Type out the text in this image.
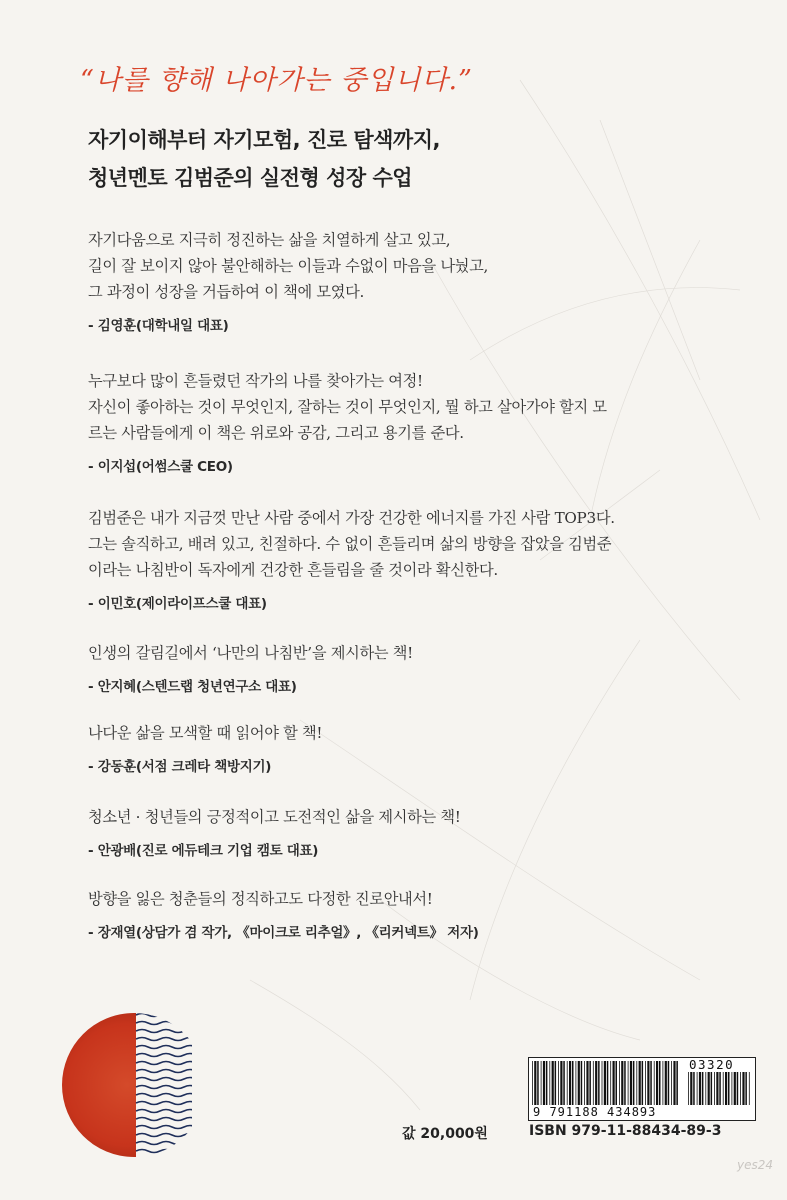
“나를 향해 나아가는 중입니다.”
자기이해부터 자기모험, 진로 탐색까지,
청년멘토 김범준의 실전형 성장 수업
자기다움으로 지극히 정진하는 삶을 치열하게 살고 있고,
길이 잘 보이지 않아 불안해하는 이들과 수없이 마음을 나눴고,
그 과정이 성장을 거듭하여 이 책에 모였다.
- 김영훈(대학내일 대표)
누구보다 많이 흔들렸던 작가의 나를 찾아가는 여정!
자신이 좋아하는 것이 무엇인지, 잘하는 것이 무엇인지, 뭘 하고 살아가야 할지 모
르는 사람들에게 이 책은 위로와 공감, 그리고 용기를 준다.
- 이지섭(어썸스쿨 CEO)
김범준은 내가 지금껏 만난 사람 중에서 가장 건강한 에너지를 가진 사람 TOP3다.
그는 솔직하고, 배려 있고, 친절하다. 수 없이 흔들리며 삶의 방향을 잡았을 김범준
이라는 나침반이 독자에게 건강한 흔들림을 줄 것이라 확신한다.
- 이민호(제이라이프스쿨 대표)
인생의 갈림길에서 ‘나만의 나침반’을 제시하는 책!
- 안지혜(스텐드랩 청년연구소 대표)
나다운 삶을 모색할 때 읽어야 할 책!
- 강동훈(서점 크레타 책방지기)
청소년 · 청년들의 긍정적이고 도전적인 삶을 제시하는 책!
- 안광배(진로 에듀테크 기업 캠토 대표)
방향을 잃은 청춘들의 정직하고도 다정한 진로안내서!
- 장재열(상담가 겸 작가, 《마이크로 리추얼》, 《리커넥트》 저자)
03320
9 791188 434893
값 20,000원	ISBN 979-11-88434-89-3
yes24
